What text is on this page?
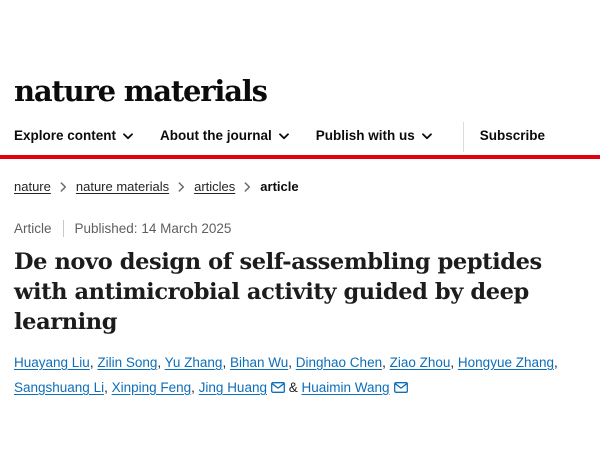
nature materials
Explore content	About the journal	Publish with us	Subscribe
nature nature materials articles article
Article Published: 14 March 2025
De novo design of self-assembling peptides with antimicrobial activity guided by deep learning

Huayang Liu, Zilin Song, Yu Zhang, Bihan Wu, Dinghao Chen, Ziao Zhou, Hongyue Zhang, Sangshuang Li, Xinping Feng, Jing Huang & Huaimin Wang
